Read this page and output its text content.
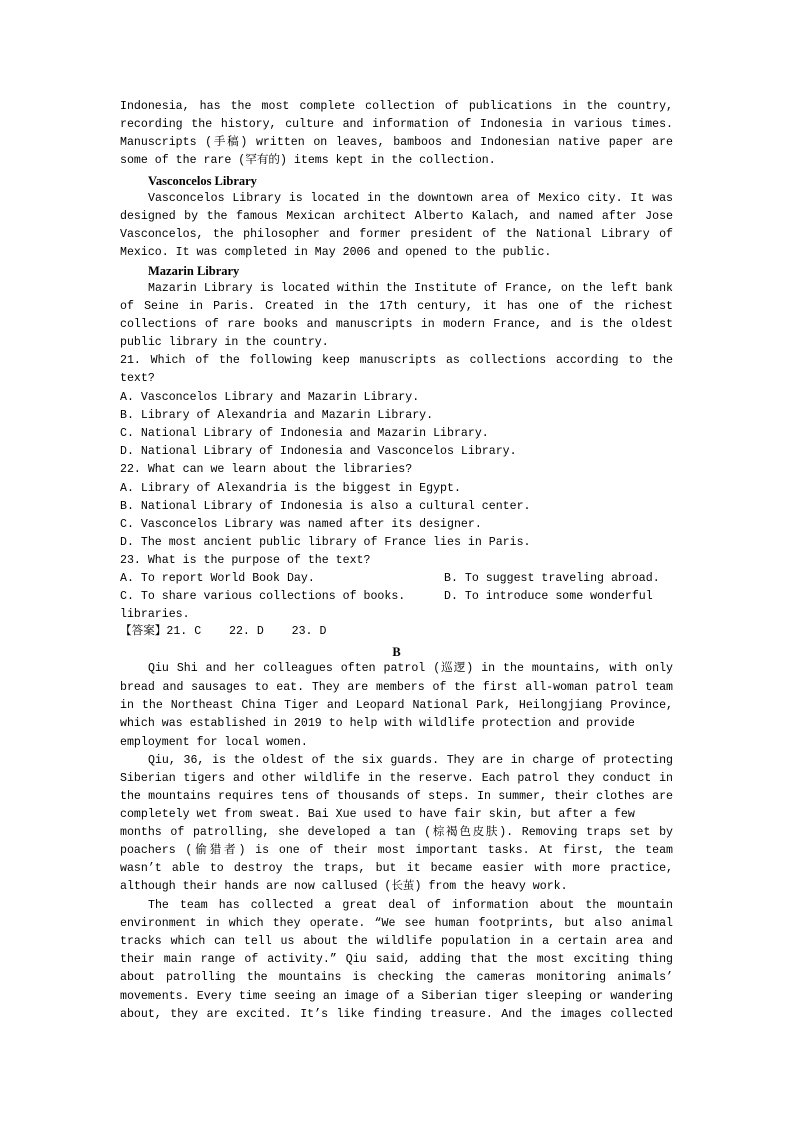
Indonesia, has the most complete collection of publications in the country,
recording the history, culture and information of Indonesia in various times.
Manuscripts (手稿) written on leaves, bamboos and Indonesian native paper are
some of the rare (罕有的) items kept in the collection.
Vasconcelos Library
Vasconcelos Library is located in the downtown area of Mexico city. It was
designed by the famous Mexican architect Alberto Kalach, and named after Jose
Vasconcelos, the philosopher and former president of the National Library of
Mexico. It was completed in May 2006 and opened to the public.
Mazarin Library
Mazarin Library is located within the Institute of France, on the left bank
of Seine in Paris. Created in the 17th century, it has one of the richest
collections of rare books and manuscripts in modern France, and is the oldest
public library in the country.
21. Which of the following keep manuscripts as collections according to the
text?
A. Vasconcelos Library and Mazarin Library.
B. Library of Alexandria and Mazarin Library.
C. National Library of Indonesia and Mazarin Library.
D. National Library of Indonesia and Vasconcelos Library.
22. What can we learn about the libraries?
A. Library of Alexandria is the biggest in Egypt.
B. National Library of Indonesia is also a cultural center.
C. Vasconcelos Library was named after its designer.
D. The most ancient public library of France lies in Paris.
23. What is the purpose of the text?
A. To report World Book Day.	B. To suggest traveling abroad.
C. To share various collections of books.	D. To introduce some wonderful
libraries.
【答案】21. C    22. D    23. D
B
Qiu Shi and her colleagues often patrol (巡逻) in the mountains, with only
bread and sausages to eat. They are members of the first all-woman patrol team
in the Northeast China Tiger and Leopard National Park, Heilongjiang Province,
which was established in 2019 to help with wildlife protection and provide
employment for local women.
Qiu, 36, is the oldest of the six guards. They are in charge of protecting
Siberian tigers and other wildlife in the reserve. Each patrol they conduct in
the mountains requires tens of thousands of steps. In summer, their clothes are
completely wet from sweat. Bai Xue used to have fair skin, but after a few
months of patrolling, she developed a tan (棕褐色皮肤). Removing traps set by
poachers (偷猎者) is one of their most important tasks. At first, the team
wasn’t able to destroy the traps, but it became easier with more practice,
although their hands are now callused (长茧) from the heavy work.
The team has collected a great deal of information about the mountain
environment in which they operate. “We see human footprints, but also animal
tracks which can tell us about the wildlife population in a certain area and
their main range of activity.” Qiu said, adding that the most exciting thing
about patrolling the mountains is checking the cameras monitoring animals’
movements. Every time seeing an image of a Siberian tiger sleeping or wandering
about, they are excited. It’s like finding treasure. And the images collected
